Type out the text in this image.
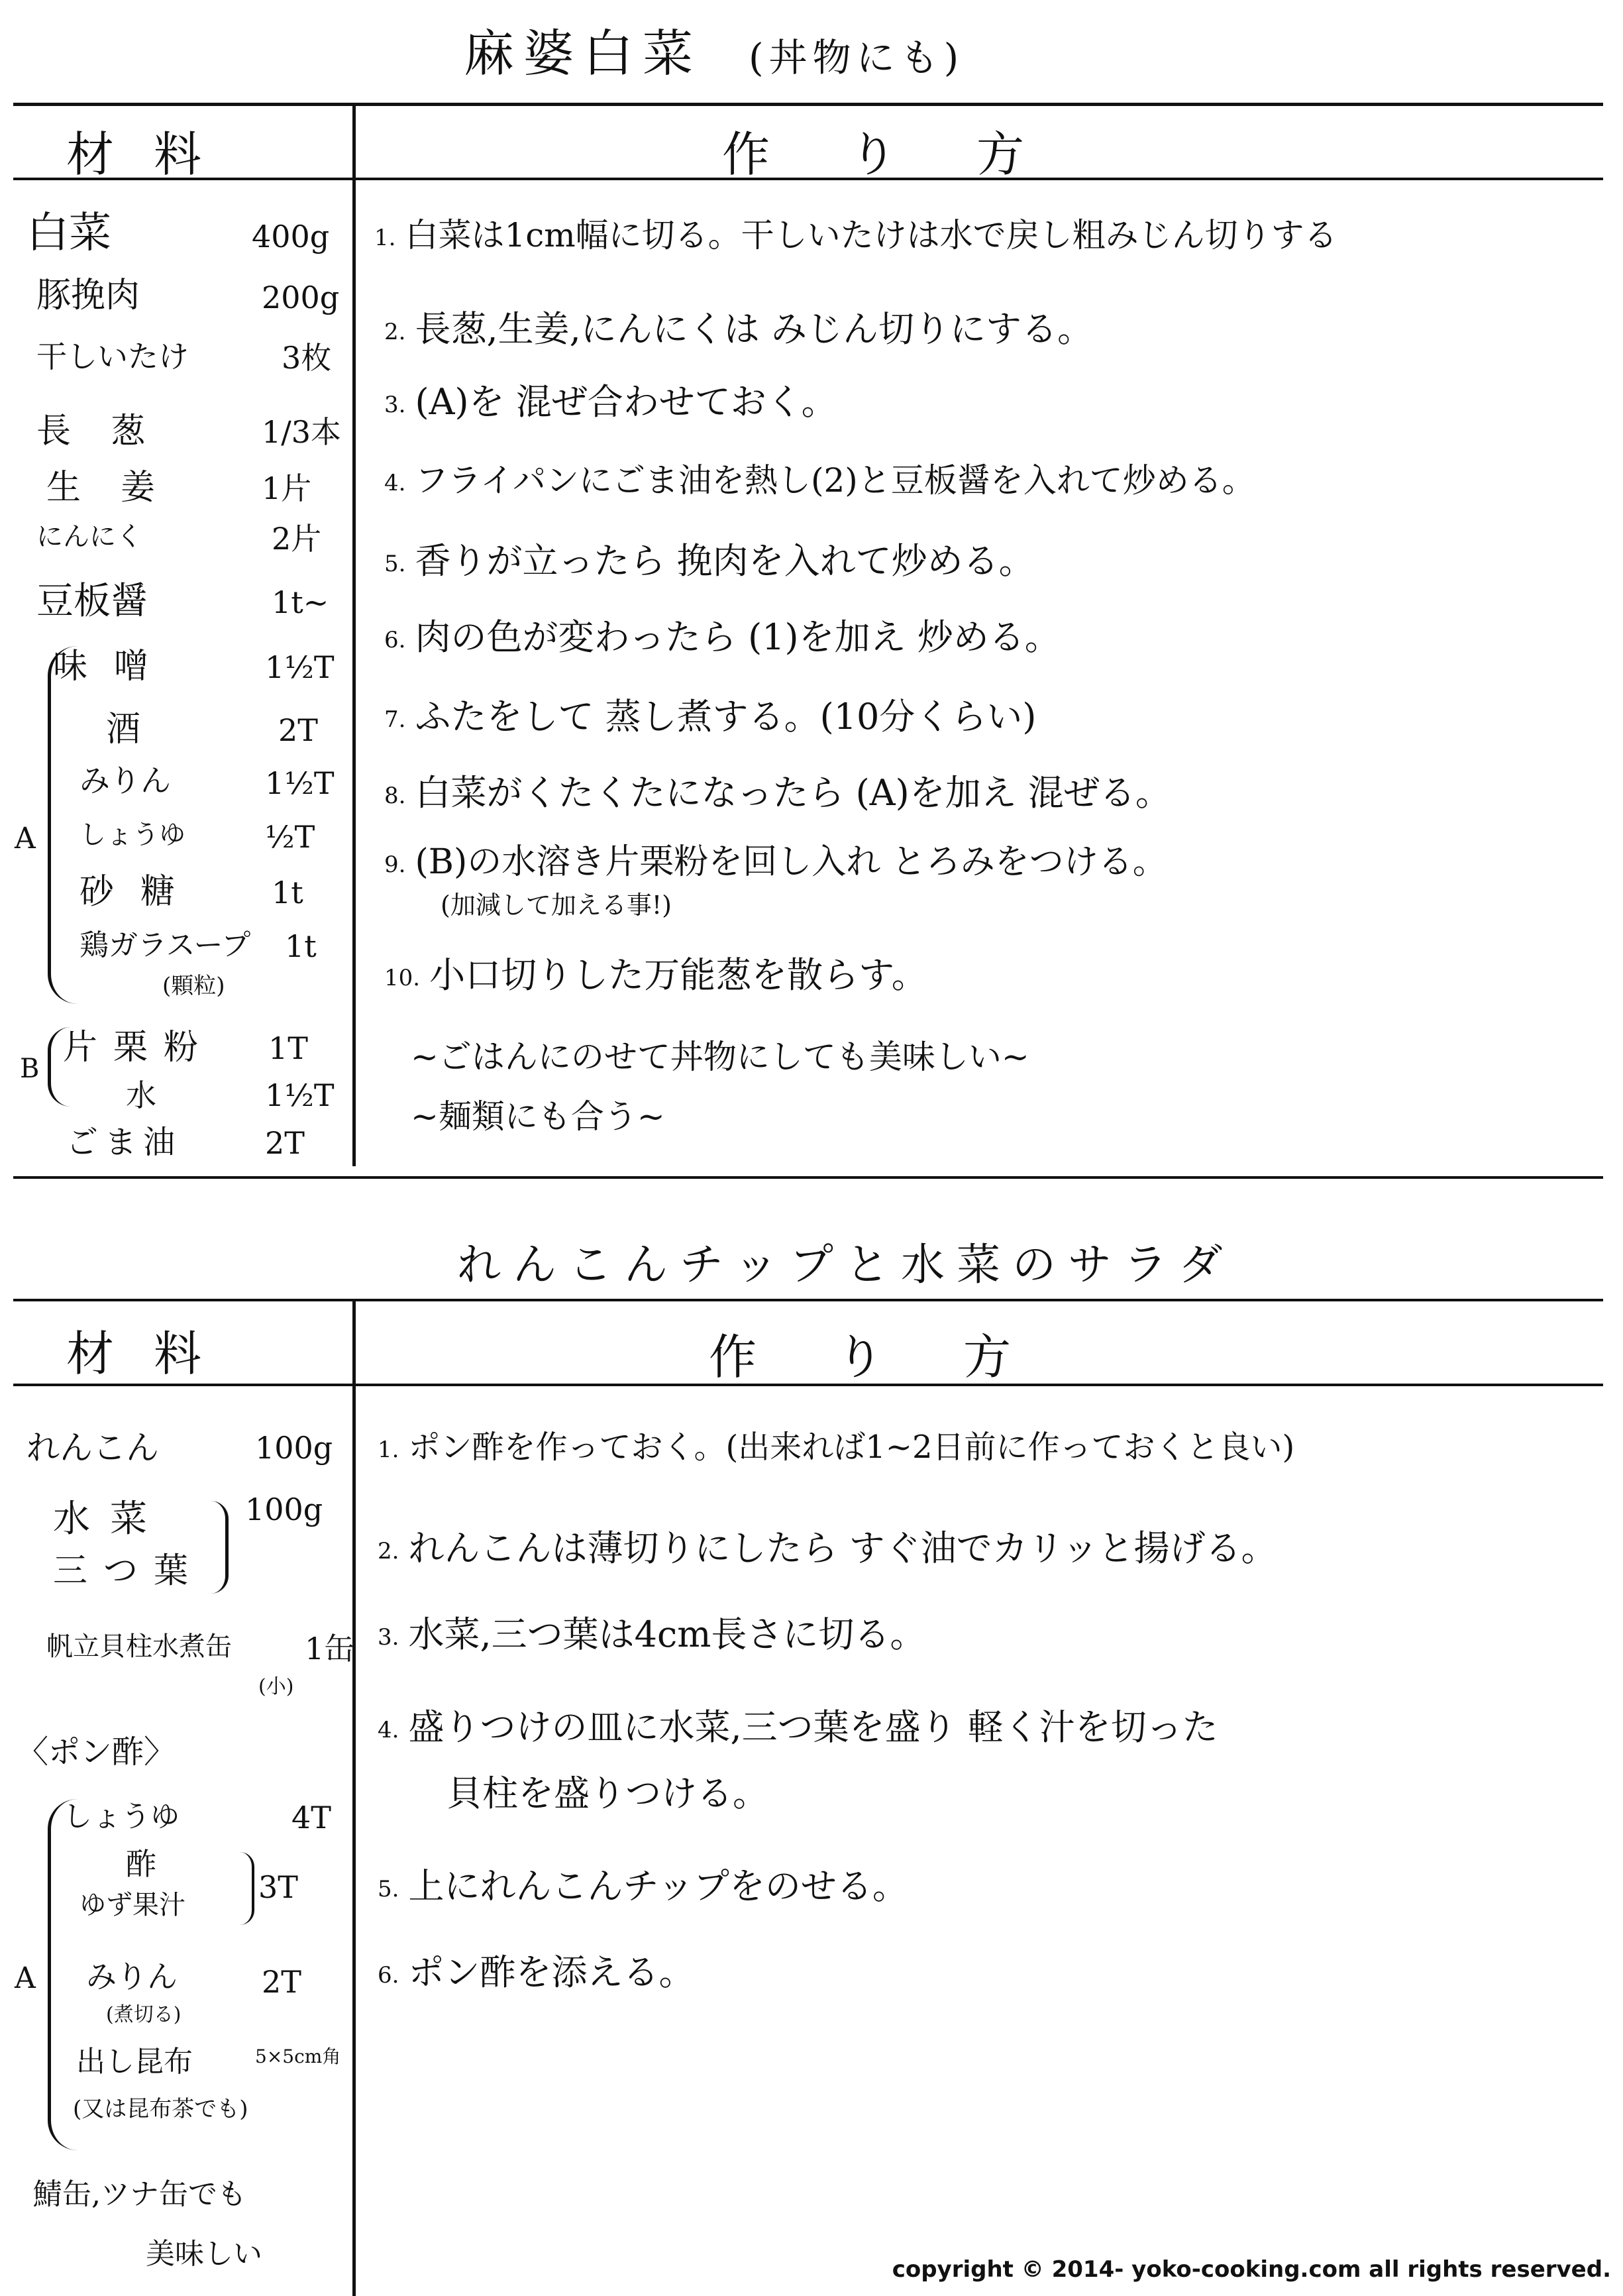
麻婆白菜 (丼物にも)
材料	作り方
白菜	400g
豚挽肉	200g
干しいたけ	3枚
長葱	1/3本
生姜 1片
にんにく	2片
豆板醤	1t~
A
味噌	1½T
酒	2T
みりん	1½T
しょうゆ	½T
砂糖 1t
鶏ガラスープ 1t
(顆粒)
B
片栗粉 1T
水	1½T
ごま油	2T
1. 白菜は1cm幅に切る。干しいたけは水で戻し粗みじん切りする
2. 長葱,生姜,にんにくは みじん切りにする。
3. (A)を 混ぜ合わせておく。
4. フライパンにごま油を熱し(2)と豆板醤を入れて炒める。
5. 香りが立ったら 挽肉を入れて炒める。
6. 肉の色が変わったら (1)を加え 炒める。
7. ふたをして 蒸し煮する。(10分くらい)
8. 白菜がくたくたになったら (A)を加え 混ぜる。
9. (B)の水溶き片栗粉を回し入れ とろみをつける。
(加減して加える事!)
10. 小口切りした万能葱を散らす。
~ごはんにのせて丼物にしても美味しい~
~麺類にも合う~
れんこんチップと水菜のサラダ
材料	作り方
れんこん	100g
水菜	100g
三つ葉
帆立貝柱水煮缶 1缶
(小)
〈ポン酢〉
A
しょうゆ	4T
酢
ゆず果汁 3T
みりん	2T
(煮切る)
出し昆布	5×5cm角
(又は昆布茶でも)
鯖缶,ツナ缶でも
美味しい
1. ポン酢を作っておく。(出来れば1~2日前に作っておくと良い)
2. れんこんは薄切りにしたら すぐ油でカリッと揚げる。
3. 水菜,三つ葉は4cm長さに切る。
4. 盛りつけの皿に水菜,三つ葉を盛り 軽く汁を切った
貝柱を盛りつける。
5. 上にれんこんチップをのせる。
6. ポン酢を添える。
copyright © 2014- yoko-cooking.com all rights reserved.
